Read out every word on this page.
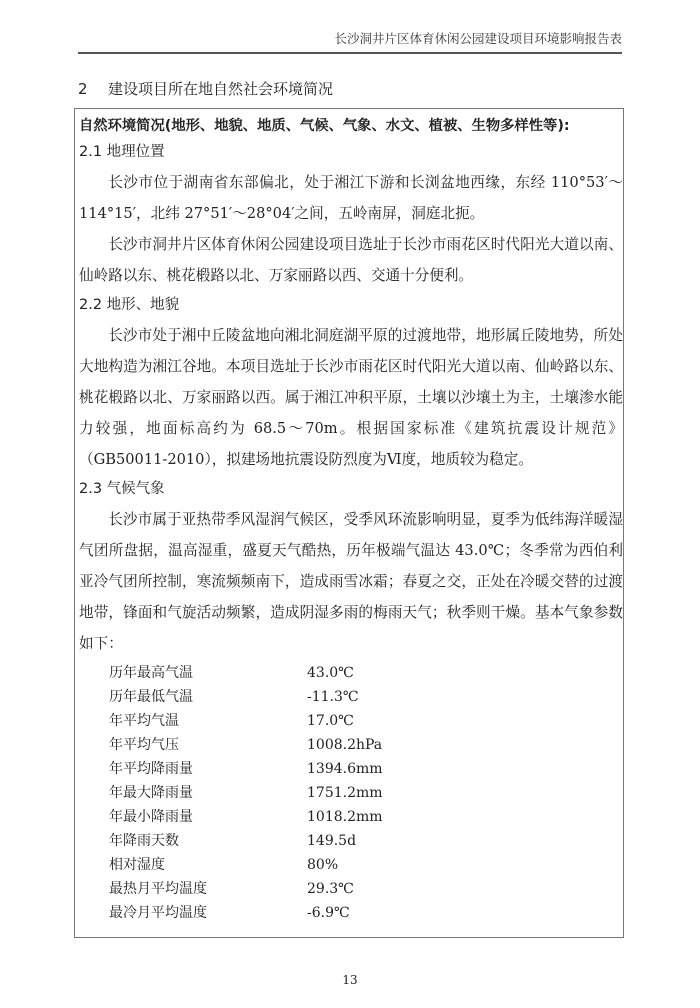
长沙洞井片区体育休闲公园建设项目环境影响报告表
2 建设项目所在地自然社会环境简况
自然环境简况(地形、地貌、地质、气候、气象、水文、植被、生物多样性等):
2.1 地理位置

长沙市位于湖南省东部偏北，处于湘江下游和长浏盆地西缘，东经 110°53′～114°15′，北纬 27°51′～28°04′之间，五岭南屏，洞庭北扼。

长沙市洞井片区体育休闲公园建设项目选址于长沙市雨花区时代阳光大道以南、仙岭路以东、桃花椴路以北、万家丽路以西、交通十分便利。

2.2 地形、地貌

长沙市处于湘中丘陵盆地向湘北洞庭湖平原的过渡地带，地形属丘陵地势，所处大地构造为湘江谷地。本项目选址于长沙市雨花区时代阳光大道以南、仙岭路以东、桃花椴路以北、万家丽路以西。属于湘江冲积平原，土壤以沙壤土为主，土壤渗水能力较强，地面标高约为 68.5～70m。根据国家标准《建筑抗震设计规范》（GB50011-2010），拟建场地抗震设防烈度为Ⅵ度，地质较为稳定。

2.3 气候气象

长沙市属于亚热带季风湿润气候区，受季风环流影响明显，夏季为低纬海洋暖湿气团所盘据，温高湿重，盛夏天气酷热，历年极端气温达 43.0℃；冬季常为西伯利亚冷气团所控制，寒流频频南下，造成雨雪冰霜；春夏之交，正处在冷暖交替的过渡地带，锋面和气旋活动频繁，造成阴湿多雨的梅雨天气；秋季则干燥。基本气象参数如下：

历年最高气温	43.0℃
历年最低气温	-11.3℃
年平均气温	17.0℃
年平均气压	1008.2hPa
年平均降雨量	1394.6mm
年最大降雨量	1751.2mm
年最小降雨量	1018.2mm
年降雨天数	149.5d
相对湿度	80%
最热月平均温度	29.3℃
最冷月平均温度	-6.9℃
13
